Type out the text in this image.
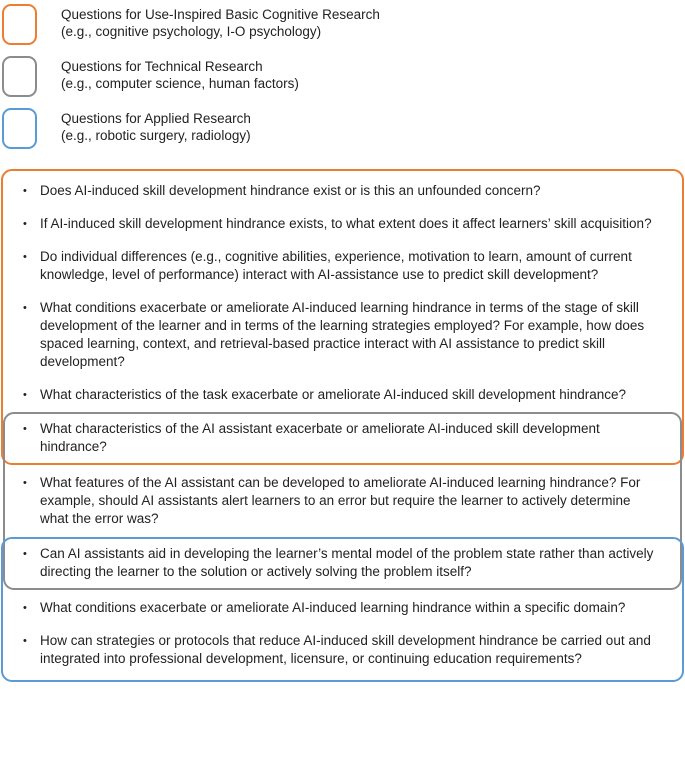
Questions for Use-Inspired Basic Cognitive Research
(e.g., cognitive psychology, I-O psychology)
Questions for Technical Research
(e.g., computer science, human factors)
Questions for Applied Research
(e.g., robotic surgery, radiology)
• Does AI-induced skill development hindrance exist or is this an unfounded concern?
• If AI-induced skill development hindrance exists, to what extent does it affect learners’ skill acquisition?
• Do individual differences (e.g., cognitive abilities, experience, motivation to learn, amount of current knowledge, level of performance) interact with AI-assistance use to predict skill development?
• What conditions exacerbate or ameliorate AI-induced learning hindrance in terms of the stage of skill development of the learner and in terms of the learning strategies employed? For example, how does spaced learning, context, and retrieval-based practice interact with AI assistance to predict skill development?
• What characteristics of the task exacerbate or ameliorate AI-induced skill development hindrance?
• What characteristics of the AI assistant exacerbate or ameliorate AI-induced skill development hindrance?
• What features of the AI assistant can be developed to ameliorate AI-induced learning hindrance? For example, should AI assistants alert learners to an error but require the learner to actively determine what the error was?
• Can AI assistants aid in developing the learner’s mental model of the problem state rather than actively directing the learner to the solution or actively solving the problem itself?
• What conditions exacerbate or ameliorate AI-induced learning hindrance within a specific domain?
• How can strategies or protocols that reduce AI-induced skill development hindrance be carried out and integrated into professional development, licensure, or continuing education requirements?
